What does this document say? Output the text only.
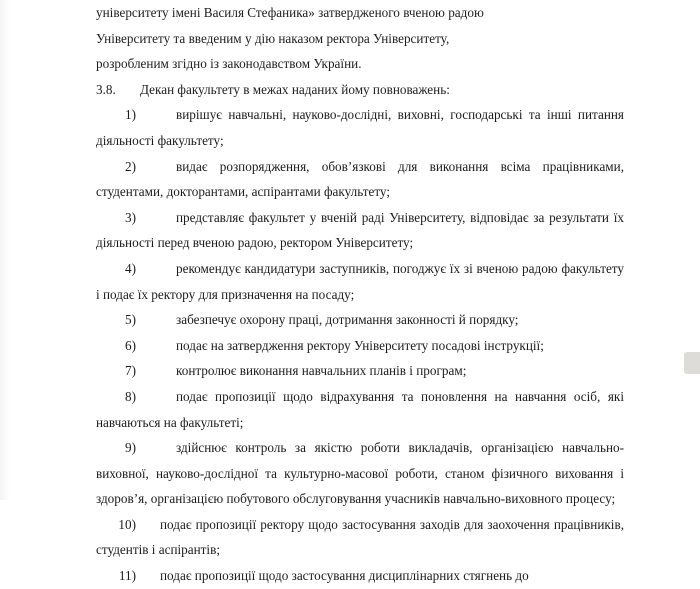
університету імені Василя Стефаника» затвердженого вченою радою

Університету та введеним у дію наказом ректора Університету,

розробленим згідно із законодавством України.

3.8. Декан факультету в межах наданих йому повноважень:

1)	вирішує навчальні, науково-дослідні, виховні, господарські та інші питання діяльності факультету;
2)	видає розпорядження, обов’язкові для виконання всіма працівниками, студентами, докторантами, аспірантами факультету;
3)	представляє факультет у вченій раді Університету, відповідає за результати їх діяльності перед вченою радою, ректором Університету;
4)	рекомендує кандидатури заступників, погоджує їх зі вченою радою факультету і подає їх ректору для призначення на посаду;
5)	забезпечує охорону праці, дотримання законності й порядку;
6)	подає на затвердження ректору Університету посадові інструкції;
7)	контролює виконання навчальних планів і програм;
8)	подає пропозиції щодо відрахування та поновлення на навчання осіб, які навчаються на факультеті;
9)	здійснює контроль за якістю роботи викладачів, організацією навчально-виховної, науково-дослідної та культурно-масової роботи, станом фізичного виховання і здоров’я, організацією побутового обслуговування учасників навчально-виховного процесу;
10)	подає пропозиції ректору щодо застосування заходів для заохочення працівників, студентів і аспірантів;
11)	подає пропозиції щодо застосування дисциплінарних стягнень до
